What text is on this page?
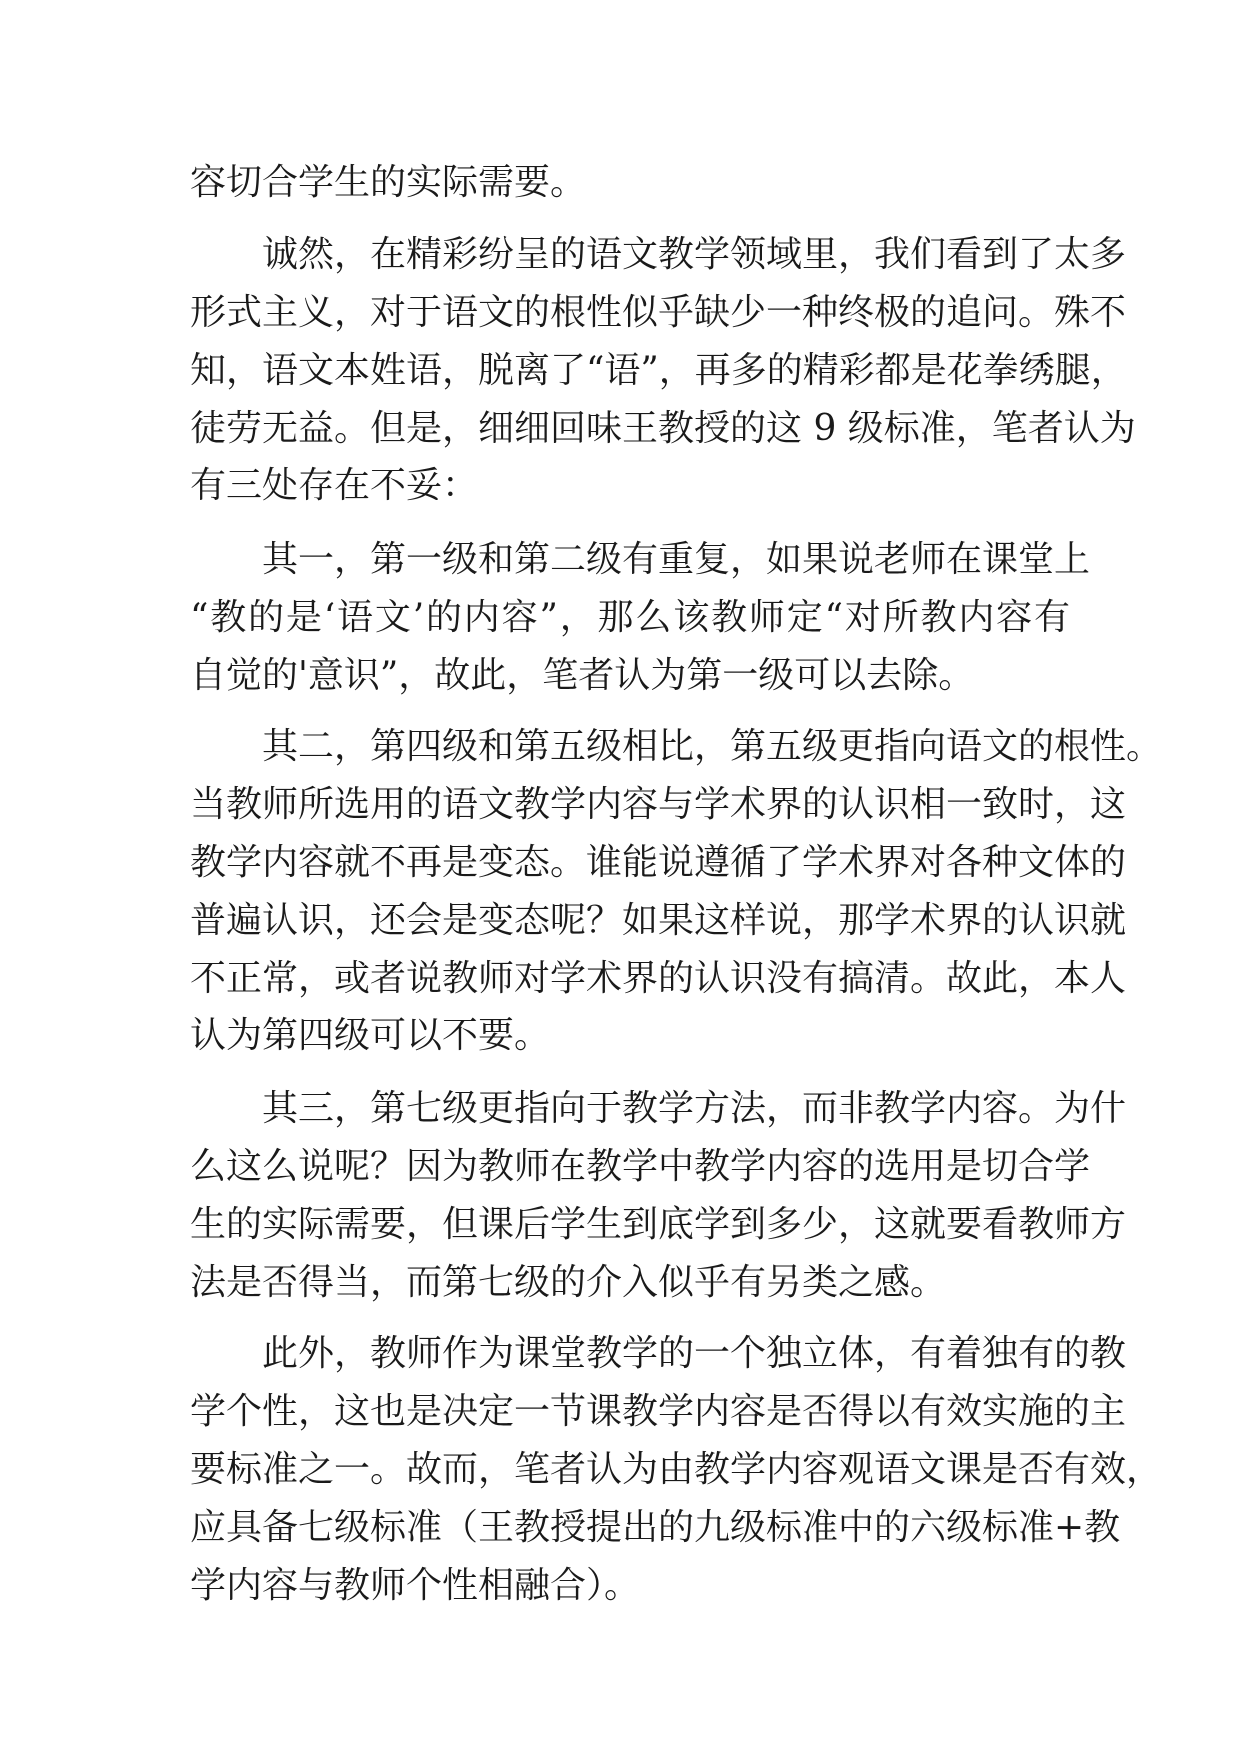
容切合学生的实际需要。

诚然，在精彩纷呈的语文教学领域里，我们看到了太多

形式主义，对于语文的根性似乎缺少一种终极的追问。殊不

知，语文本姓语，脱离了“语”，再多的精彩都是花拳绣腿，

徒劳无益。但是，细细回味王教授的这 9 级标准，笔者认为

有三处存在不妥：

其一，第一级和第二级有重复，如果说老师在课堂上

“教的是‘语文’的内容”，那么该教师定“对所教内容有

自觉的'意识”，故此，笔者认为第一级可以去除。

其二，第四级和第五级相比，第五级更指向语文的根性。

当教师所选用的语文教学内容与学术界的认识相一致时，这

教学内容就不再是变态。谁能说遵循了学术界对各种文体的

普遍认识，还会是变态呢？如果这样说，那学术界的认识就

不正常，或者说教师对学术界的认识没有搞清。故此，本人

认为第四级可以不要。

其三，第七级更指向于教学方法，而非教学内容。为什

么这么说呢？因为教师在教学中教学内容的选用是切合学

生的实际需要，但课后学生到底学到多少，这就要看教师方

法是否得当，而第七级的介入似乎有另类之感。

此外，教师作为课堂教学的一个独立体，有着独有的教

学个性，这也是决定一节课教学内容是否得以有效实施的主

要标准之一。故而，笔者认为由教学内容观语文课是否有效，

应具备七级标准（王教授提出的九级标准中的六级标准+教

学内容与教师个性相融合）。
